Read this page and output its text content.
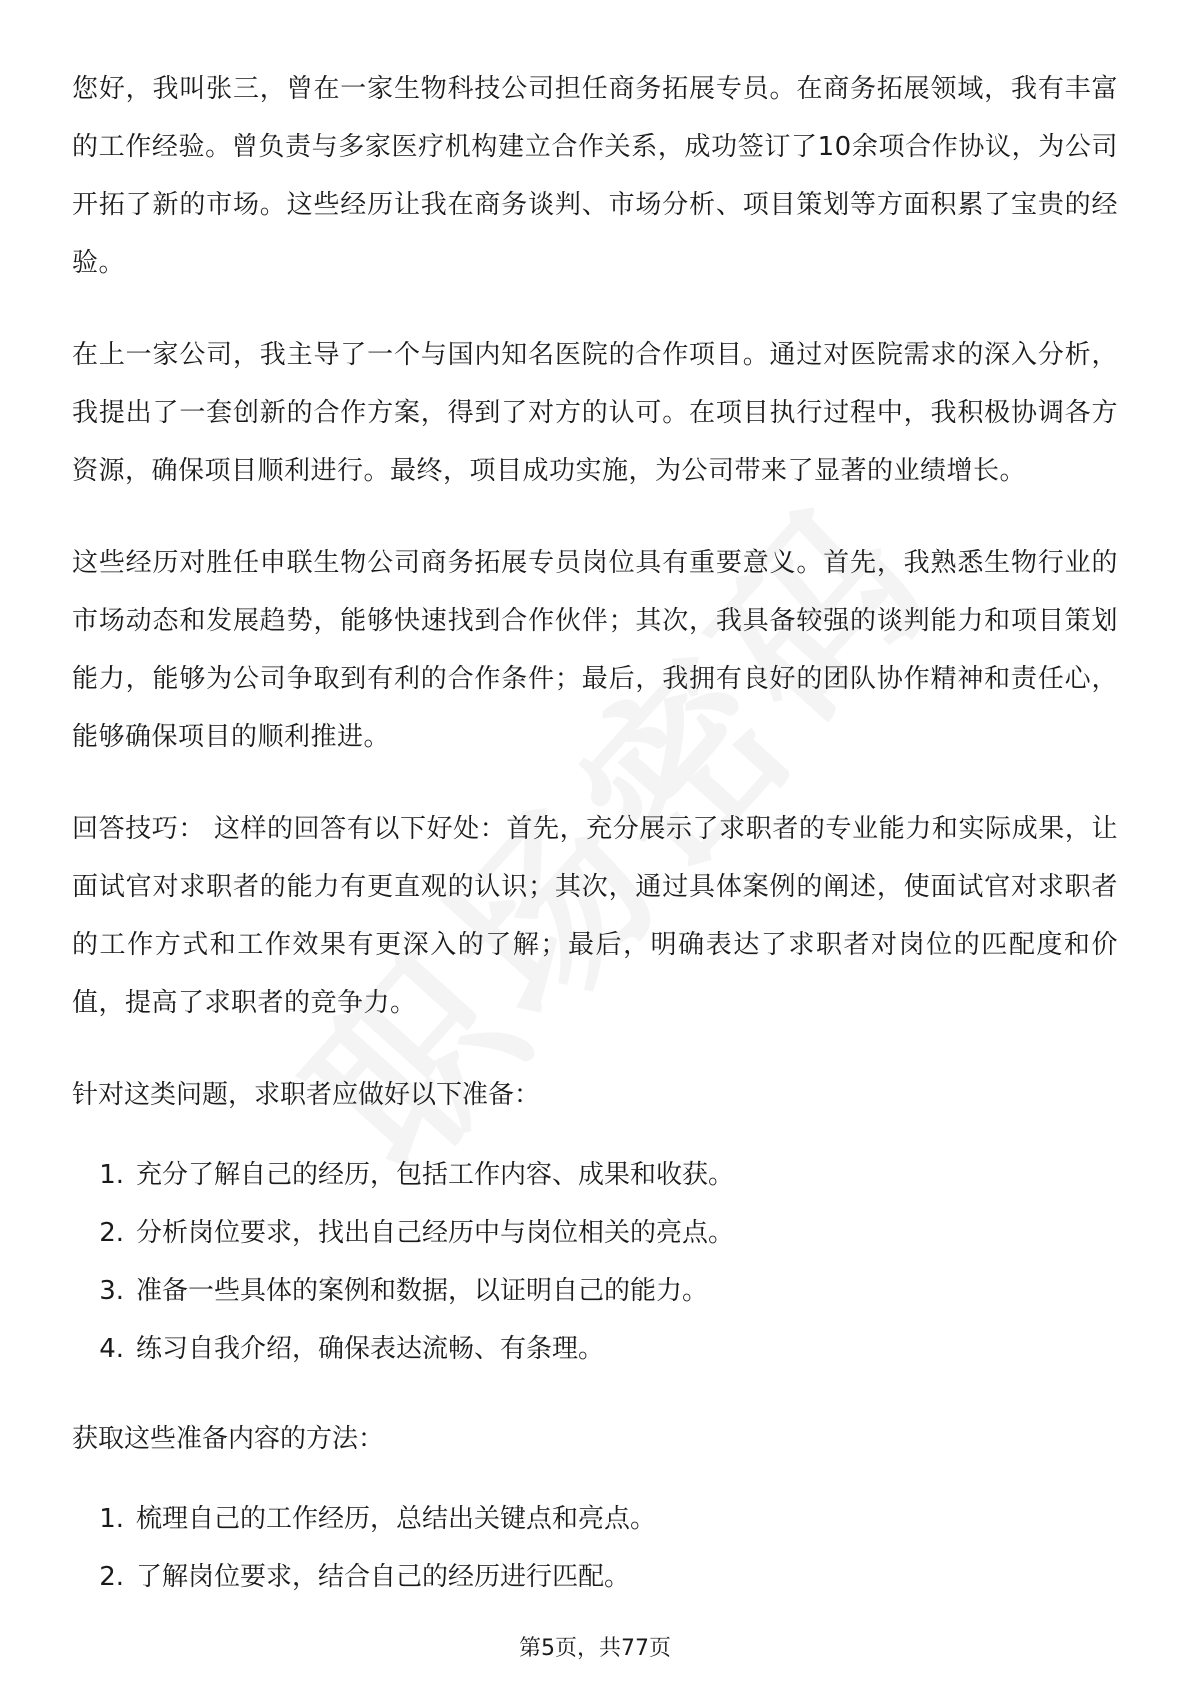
您好，我叫张三，曾在一家生物科技公司担任商务拓展专员。在商务拓展领域，我有丰富的工作经验。曾负责与多家医疗机构建立合作关系，成功签订了10余项合作协议，为公司开拓了新的市场。这些经历让我在商务谈判、市场分析、项目策划等方面积累了宝贵的经验。

在上一家公司，我主导了一个与国内知名医院的合作项目。通过对医院需求的深入分析，我提出了一套创新的合作方案，得到了对方的认可。在项目执行过程中，我积极协调各方资源，确保项目顺利进行。最终，项目成功实施，为公司带来了显著的业绩增长。

这些经历对胜任申联生物公司商务拓展专员岗位具有重要意义。首先，我熟悉生物行业的市场动态和发展趋势，能够快速找到合作伙伴；其次，我具备较强的谈判能力和项目策划能力，能够为公司争取到有利的合作条件；最后，我拥有良好的团队协作精神和责任心，能够确保项目的顺利推进。

回答技巧： 这样的回答有以下好处：首先，充分展示了求职者的专业能力和实际成果，让面试官对求职者的能力有更直观的认识；其次，通过具体案例的阐述，使面试官对求职者的工作方式和工作效果有更深入的了解；最后，明确表达了求职者对岗位的匹配度和价值，提高了求职者的竞争力。

针对这类问题，求职者应做好以下准备：

1. 充分了解自己的经历，包括工作内容、成果和收获。
2. 分析岗位要求，找出自己经历中与岗位相关的亮点。
3. 准备一些具体的案例和数据，以证明自己的能力。
4. 练习自我介绍，确保表达流畅、有条理。

获取这些准备内容的方法：

1. 梳理自己的工作经历，总结出关键点和亮点。
2. 了解岗位要求，结合自己的经历进行匹配。
第5页，共77页
